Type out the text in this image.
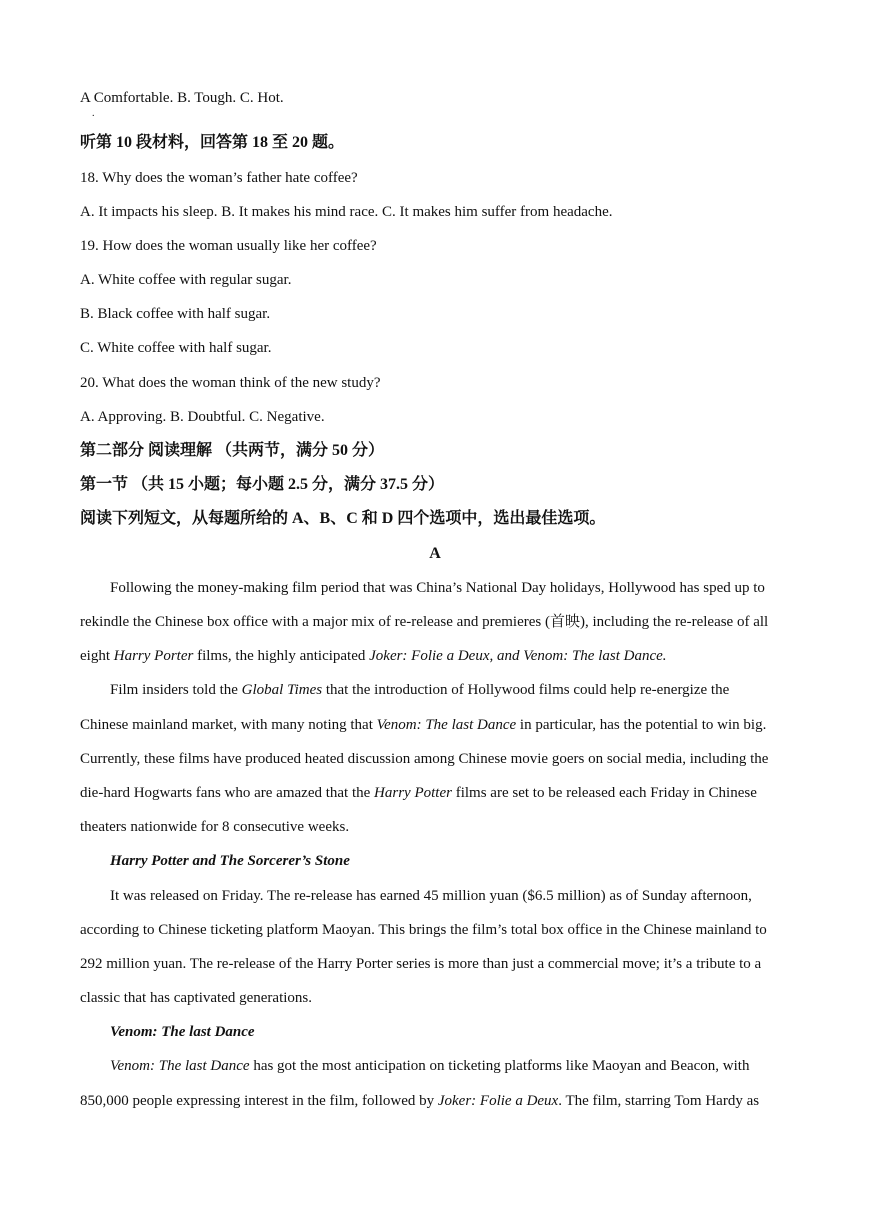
A Comfortable. B. Tough. C. Hot.
.
听第 10 段材料，回答第 18 至 20 题。
18. Why does the woman’s father hate coffee?
A. It impacts his sleep. B. It makes his mind race. C. It makes him suffer from headache.
19. How does the woman usually like her coffee?
A. White coffee with regular sugar.
B. Black coffee with half sugar.
C. White coffee with half sugar.
20. What does the woman think of the new study?
A. Approving. B. Doubtful. C. Negative.
第二部分 阅读理解 （共两节，满分 50 分）
第一节 （共 15 小题；每小题 2.5 分，满分 37.5 分）
阅读下列短文，从每题所给的 A、B、C 和 D 四个选项中，选出最佳选项。
A
Following the money-making film period that was China’s National Day holidays, Hollywood has sped up to
rekindle the Chinese box office with a major mix of re-release and premieres (首映), including the re-release of all
eight Harry Porter films, the highly anticipated Joker: Folie a Deux, and Venom: The last Dance.
Film insiders told the Global Times that the introduction of Hollywood films could help re-energize the
Chinese mainland market, with many noting that Venom: The last Dance in particular, has the potential to win big.
Currently, these films have produced heated discussion among Chinese movie goers on social media, including the
die-hard Hogwarts fans who are amazed that the Harry Potter films are set to be released each Friday in Chinese
theaters nationwide for 8 consecutive weeks.
Harry Potter and The Sorcerer’s Stone
It was released on Friday. The re-release has earned 45 million yuan ($6.5 million) as of Sunday afternoon,
according to Chinese ticketing platform Maoyan. This brings the film’s total box office in the Chinese mainland to
292 million yuan. The re-release of the Harry Porter series is more than just a commercial move; it’s a tribute to a
classic that has captivated generations.
Venom: The last Dance
Venom: The last Dance has got the most anticipation on ticketing platforms like Maoyan and Beacon, with
850,000 people expressing interest in the film, followed by Joker: Folie a Deux. The film, starring Tom Hardy as
